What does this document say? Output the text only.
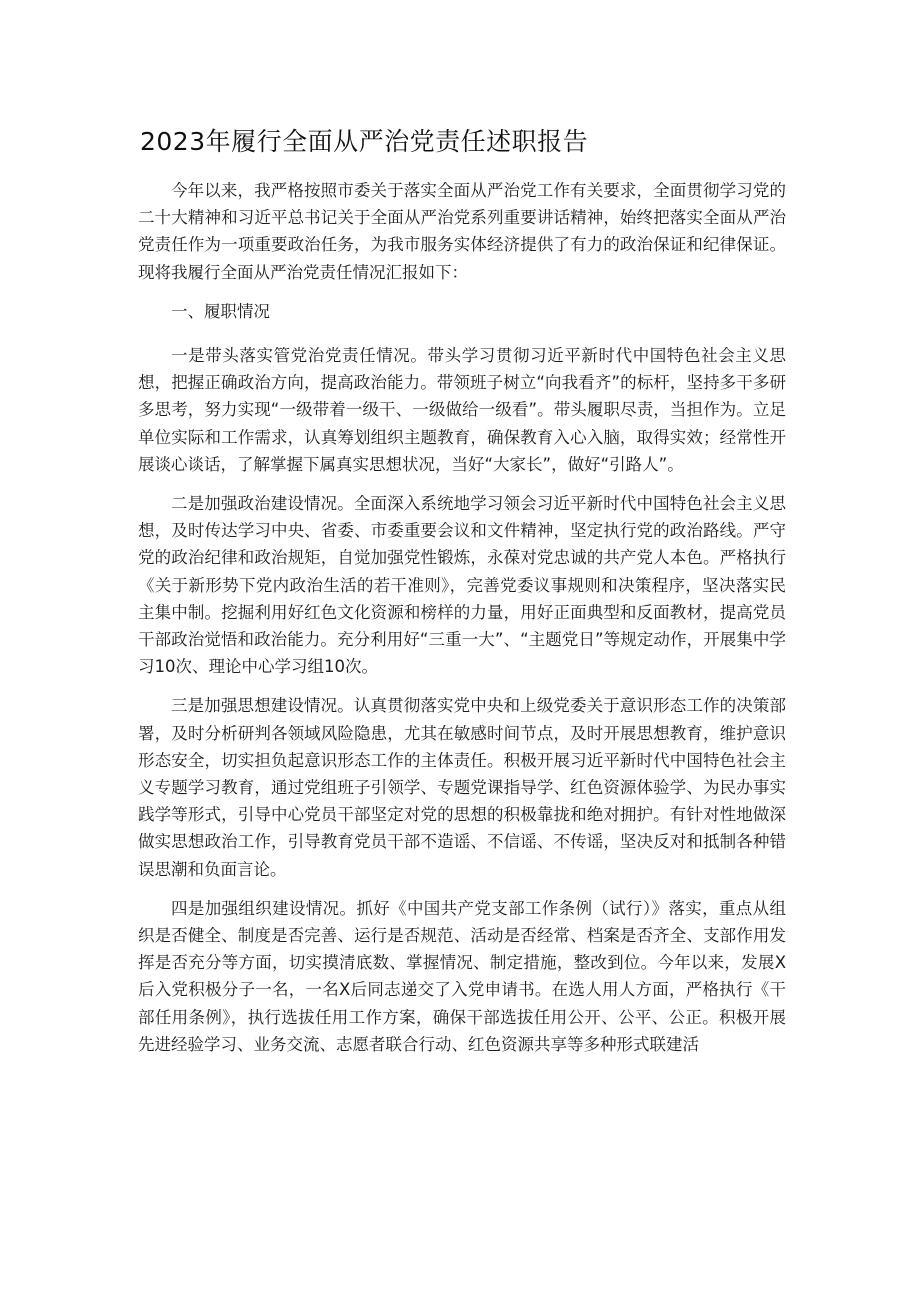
2023年履行全面从严治党责任述职报告

今年以来，我严格按照市委关于落实全面从严治党工作有关要求，全面贯彻学习党的二十大精神和习近平总书记关于全面从严治党系列重要讲话精神，始终把落实全面从严治党责任作为一项重要政治任务，为我市服务实体经济提供了有力的政治保证和纪律保证。现将我履行全面从严治党责任情况汇报如下：

一、履职情况

一是带头落实管党治党责任情况。带头学习贯彻习近平新时代中国特色社会主义思想，把握正确政治方向，提高政治能力。带领班子树立“向我看齐”的标杆，坚持多干多研多思考，努力实现“一级带着一级干、一级做给一级看”。带头履职尽责，当担作为。立足单位实际和工作需求，认真筹划组织主题教育，确保教育入心入脑，取得实效；经常性开展谈心谈话，了解掌握下属真实思想状况，当好“大家长”，做好“引路人”。

二是加强政治建设情况。全面深入系统地学习领会习近平新时代中国特色社会主义思想，及时传达学习中央、省委、市委重要会议和文件精神，坚定执行党的政治路线。严守党的政治纪律和政治规矩，自觉加强党性锻炼，永葆对党忠诚的共产党人本色。严格执行《关于新形势下党内政治生活的若干准则》，完善党委议事规则和决策程序，坚决落实民主集中制。挖掘利用好红色文化资源和榜样的力量，用好正面典型和反面教材，提高党员干部政治觉悟和政治能力。充分利用好“三重一大”、“主题党日”等规定动作，开展集中学习10次、理论中心学习组10次。

三是加强思想建设情况。认真贯彻落实党中央和上级党委关于意识形态工作的决策部署，及时分析研判各领域风险隐患，尤其在敏感时间节点，及时开展思想教育，维护意识形态安全，切实担负起意识形态工作的主体责任。积极开展习近平新时代中国特色社会主义专题学习教育，通过党组班子引领学、专题党课指导学、红色资源体验学、为民办事实践学等形式，引导中心党员干部坚定对党的思想的积极靠拢和绝对拥护。有针对性地做深做实思想政治工作，引导教育党员干部不造谣、不信谣、不传谣，坚决反对和抵制各种错误思潮和负面言论。

四是加强组织建设情况。抓好《中国共产党支部工作条例（试行）》落实，重点从组织是否健全、制度是否完善、运行是否规范、活动是否经常、档案是否齐全、支部作用发挥是否充分等方面，切实摸清底数、掌握情况、制定措施，整改到位。今年以来，发展X后入党积极分子一名，一名X后同志递交了入党申请书。在选人用人方面，严格执行《干部任用条例》，执行选拔任用工作方案，确保干部选拔任用公开、公平、公正。积极开展先进经验学习、业务交流、志愿者联合行动、红色资源共享等多种形式联建活
